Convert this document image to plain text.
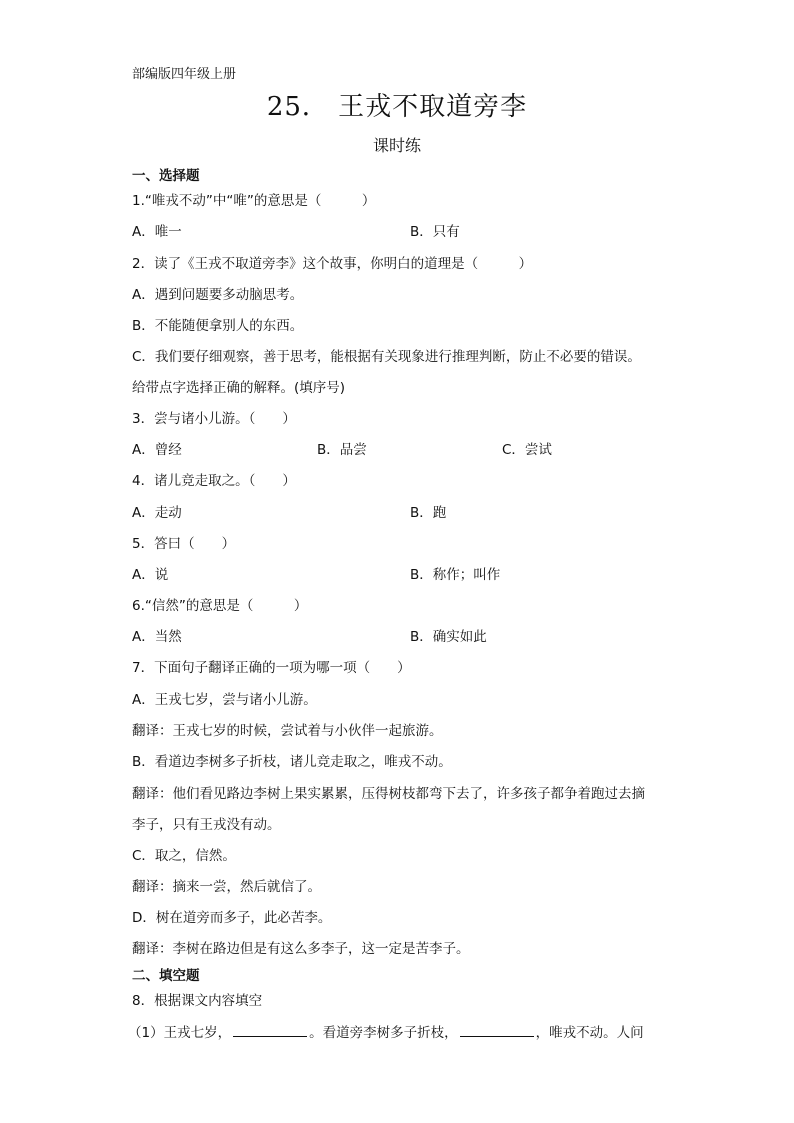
部编版四年级上册
25． 王戎不取道旁李
课时练
一、选择题
1.“唯戎不动”中“唯”的意思是（　　　）
A．唯一	B．只有
2．读了《王戎不取道旁李》这个故事，你明白的道理是（　　　）
A．遇到问题要多动脑思考。
B．不能随便拿别人的东西。
C．我们要仔细观察，善于思考，能根据有关现象进行推理判断，防止不必要的错误。
给带点字选择正确的解释。(填序号)
3．尝与诸小儿游。（　　）
A．曾经	B．品尝	C．尝试
4．诸儿竞走取之。（　　）
A．走动	B．跑
5．答曰（　　）
A．说	B．称作；叫作
6.“信然”的意思是（　　　）
A．当然	B．确实如此
7．下面句子翻译正确的一项为哪一项（　　）
A．王戎七岁，尝与诸小儿游。
翻译：王戎七岁的时候，尝试着与小伙伴一起旅游。
B．看道边李树多子折枝，诸儿竞走取之，唯戎不动。
翻译：他们看见路边李树上果实累累，压得树枝都弯下去了，许多孩子都争着跑过去摘
李子，只有王戎没有动。
C．取之，信然。
翻译：摘来一尝，然后就信了。
D．树在道旁而多子，此必苦李。
翻译：李树在路边但是有这么多李子，这一定是苦李子。
二、填空题
8．根据课文内容填空
（1）王戎七岁，	。看道旁李树多子折枝，	，唯戎不动。人问
